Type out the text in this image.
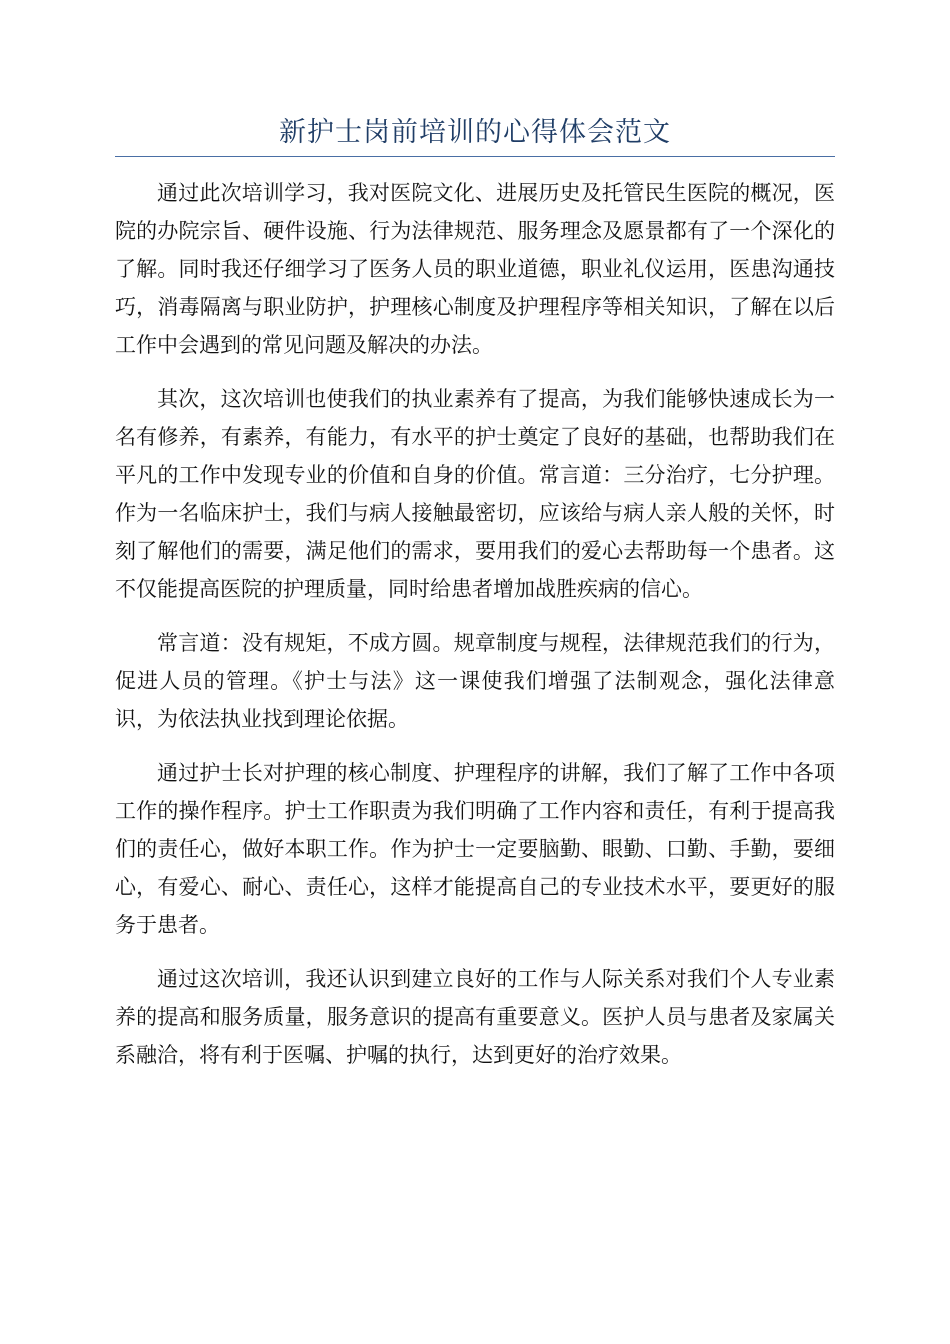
新护士岗前培训的心得体会范文

通过此次培训学习，我对医院文化、进展历史及托管民生医院的概况，医院的办院宗旨、硬件设施、行为法律规范、服务理念及愿景都有了一个深化的了解。同时我还仔细学习了医务人员的职业道德，职业礼仪运用，医患沟通技巧，消毒隔离与职业防护，护理核心制度及护理程序等相关知识，了解在以后工作中会遇到的常见问题及解决的办法。

其次，这次培训也使我们的执业素养有了提高，为我们能够快速成长为一名有修养，有素养，有能力，有水平的护士奠定了良好的基础，也帮助我们在平凡的工作中发现专业的价值和自身的价值。常言道：三分治疗，七分护理。作为一名临床护士，我们与病人接触最密切，应该给与病人亲人般的关怀，时刻了解他们的需要，满足他们的需求，要用我们的爱心去帮助每一个患者。这不仅能提高医院的护理质量，同时给患者增加战胜疾病的信心。

常言道：没有规矩，不成方圆。规章制度与规程，法律规范我们的行为，促进人员的管理。《护士与法》这一课使我们增强了法制观念，强化法律意识，为依法执业找到理论依据。

通过护士长对护理的核心制度、护理程序的讲解，我们了解了工作中各项工作的操作程序。护士工作职责为我们明确了工作内容和责任，有利于提高我们的责任心，做好本职工作。作为护士一定要脑勤、眼勤、口勤、手勤，要细心，有爱心、耐心、责任心，这样才能提高自己的专业技术水平，要更好的服务于患者。

通过这次培训，我还认识到建立良好的工作与人际关系对我们个人专业素养的提高和服务质量，服务意识的提高有重要意义。医护人员与患者及家属关系融洽，将有利于医嘱、护嘱的执行，达到更好的治疗效果。
